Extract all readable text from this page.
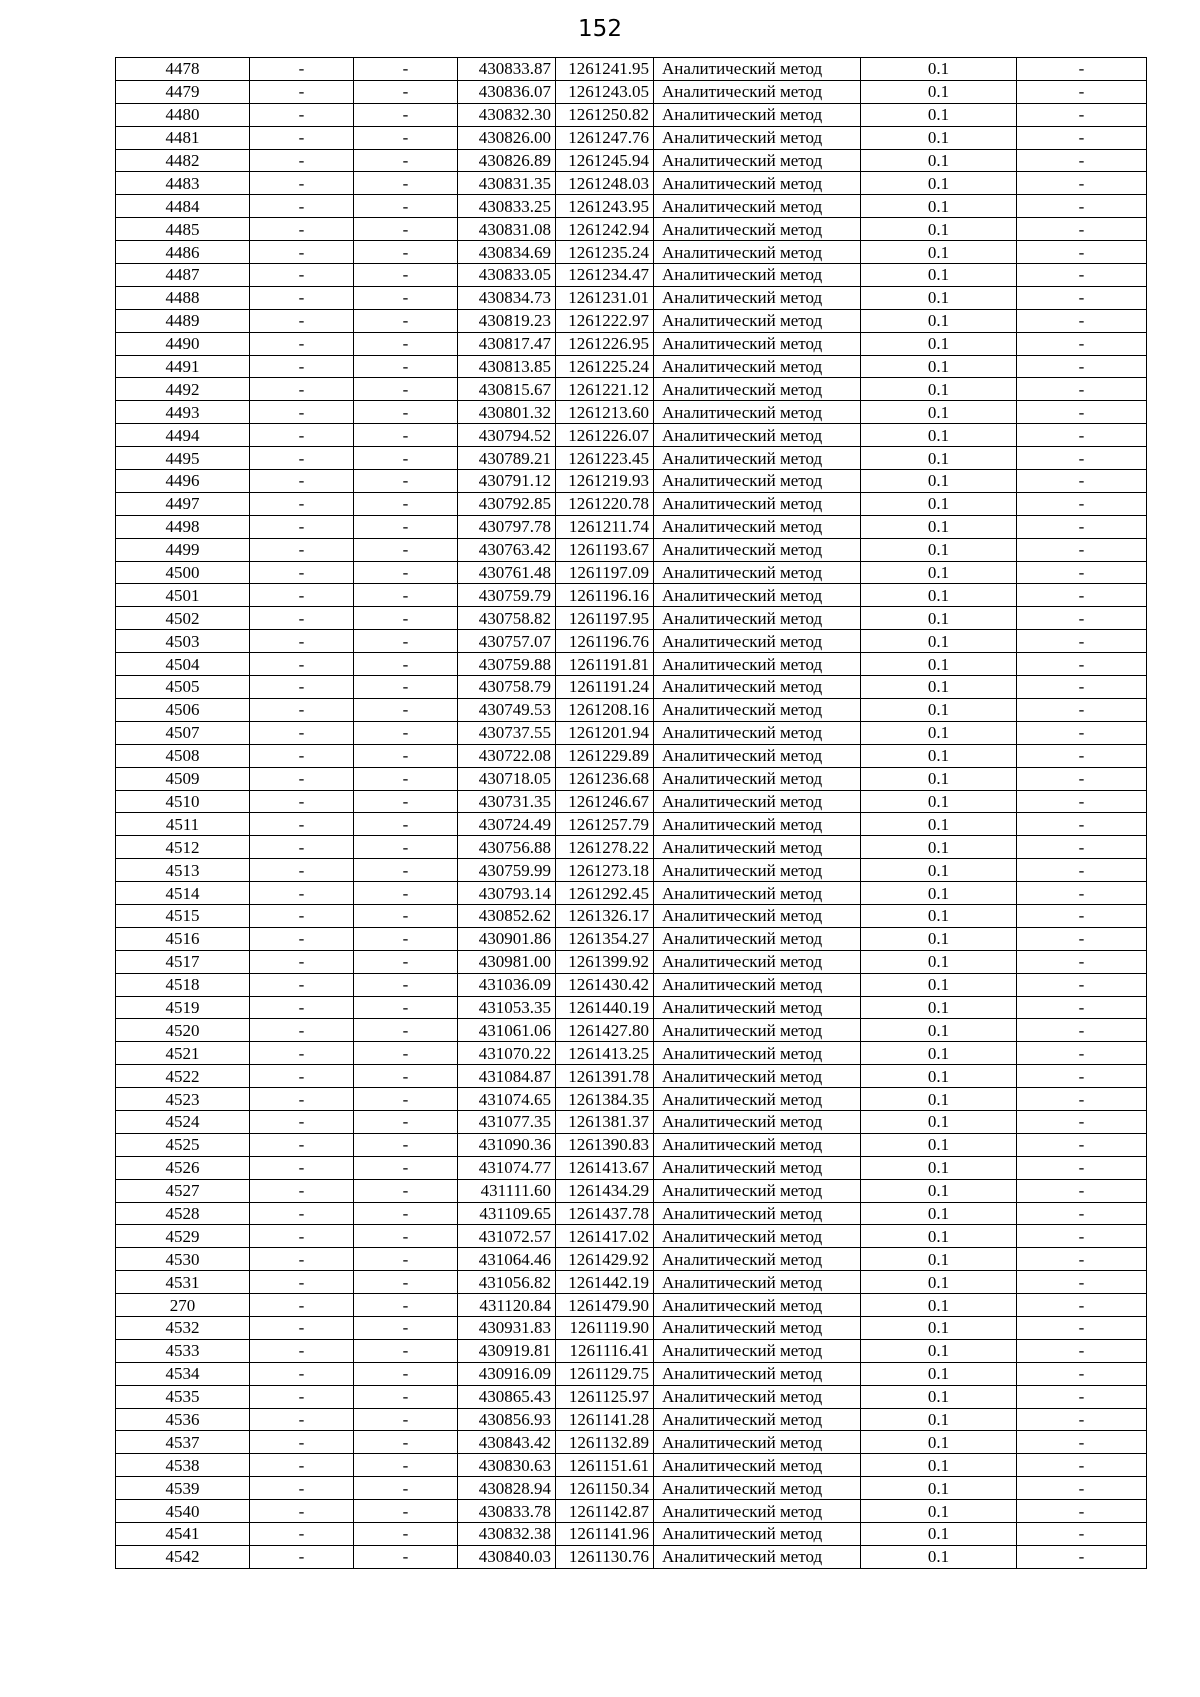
152
4478	-	-	430833.87	1261241.95	Аналитический метод	0.1	-
4479	-	-	430836.07	1261243.05	Аналитический метод	0.1	-
4480	-	-	430832.30	1261250.82	Аналитический метод	0.1	-
4481	-	-	430826.00	1261247.76	Аналитический метод	0.1	-
4482	-	-	430826.89	1261245.94	Аналитический метод	0.1	-
4483	-	-	430831.35	1261248.03	Аналитический метод	0.1	-
4484	-	-	430833.25	1261243.95	Аналитический метод	0.1	-
4485	-	-	430831.08	1261242.94	Аналитический метод	0.1	-
4486	-	-	430834.69	1261235.24	Аналитический метод	0.1	-
4487	-	-	430833.05	1261234.47	Аналитический метод	0.1	-
4488	-	-	430834.73	1261231.01	Аналитический метод	0.1	-
4489	-	-	430819.23	1261222.97	Аналитический метод	0.1	-
4490	-	-	430817.47	1261226.95	Аналитический метод	0.1	-
4491	-	-	430813.85	1261225.24	Аналитический метод	0.1	-
4492	-	-	430815.67	1261221.12	Аналитический метод	0.1	-
4493	-	-	430801.32	1261213.60	Аналитический метод	0.1	-
4494	-	-	430794.52	1261226.07	Аналитический метод	0.1	-
4495	-	-	430789.21	1261223.45	Аналитический метод	0.1	-
4496	-	-	430791.12	1261219.93	Аналитический метод	0.1	-
4497	-	-	430792.85	1261220.78	Аналитический метод	0.1	-
4498	-	-	430797.78	1261211.74	Аналитический метод	0.1	-
4499	-	-	430763.42	1261193.67	Аналитический метод	0.1	-
4500	-	-	430761.48	1261197.09	Аналитический метод	0.1	-
4501	-	-	430759.79	1261196.16	Аналитический метод	0.1	-
4502	-	-	430758.82	1261197.95	Аналитический метод	0.1	-
4503	-	-	430757.07	1261196.76	Аналитический метод	0.1	-
4504	-	-	430759.88	1261191.81	Аналитический метод	0.1	-
4505	-	-	430758.79	1261191.24	Аналитический метод	0.1	-
4506	-	-	430749.53	1261208.16	Аналитический метод	0.1	-
4507	-	-	430737.55	1261201.94	Аналитический метод	0.1	-
4508	-	-	430722.08	1261229.89	Аналитический метод	0.1	-
4509	-	-	430718.05	1261236.68	Аналитический метод	0.1	-
4510	-	-	430731.35	1261246.67	Аналитический метод	0.1	-
4511	-	-	430724.49	1261257.79	Аналитический метод	0.1	-
4512	-	-	430756.88	1261278.22	Аналитический метод	0.1	-
4513	-	-	430759.99	1261273.18	Аналитический метод	0.1	-
4514	-	-	430793.14	1261292.45	Аналитический метод	0.1	-
4515	-	-	430852.62	1261326.17	Аналитический метод	0.1	-
4516	-	-	430901.86	1261354.27	Аналитический метод	0.1	-
4517	-	-	430981.00	1261399.92	Аналитический метод	0.1	-
4518	-	-	431036.09	1261430.42	Аналитический метод	0.1	-
4519	-	-	431053.35	1261440.19	Аналитический метод	0.1	-
4520	-	-	431061.06	1261427.80	Аналитический метод	0.1	-
4521	-	-	431070.22	1261413.25	Аналитический метод	0.1	-
4522	-	-	431084.87	1261391.78	Аналитический метод	0.1	-
4523	-	-	431074.65	1261384.35	Аналитический метод	0.1	-
4524	-	-	431077.35	1261381.37	Аналитический метод	0.1	-
4525	-	-	431090.36	1261390.83	Аналитический метод	0.1	-
4526	-	-	431074.77	1261413.67	Аналитический метод	0.1	-
4527	-	-	431111.60	1261434.29	Аналитический метод	0.1	-
4528	-	-	431109.65	1261437.78	Аналитический метод	0.1	-
4529	-	-	431072.57	1261417.02	Аналитический метод	0.1	-
4530	-	-	431064.46	1261429.92	Аналитический метод	0.1	-
4531	-	-	431056.82	1261442.19	Аналитический метод	0.1	-
270	-	-	431120.84	1261479.90	Аналитический метод	0.1	-
4532	-	-	430931.83	1261119.90	Аналитический метод	0.1	-
4533	-	-	430919.81	1261116.41	Аналитический метод	0.1	-
4534	-	-	430916.09	1261129.75	Аналитический метод	0.1	-
4535	-	-	430865.43	1261125.97	Аналитический метод	0.1	-
4536	-	-	430856.93	1261141.28	Аналитический метод	0.1	-
4537	-	-	430843.42	1261132.89	Аналитический метод	0.1	-
4538	-	-	430830.63	1261151.61	Аналитический метод	0.1	-
4539	-	-	430828.94	1261150.34	Аналитический метод	0.1	-
4540	-	-	430833.78	1261142.87	Аналитический метод	0.1	-
4541	-	-	430832.38	1261141.96	Аналитический метод	0.1	-
4542	-	-	430840.03	1261130.76	Аналитический метод	0.1	-
